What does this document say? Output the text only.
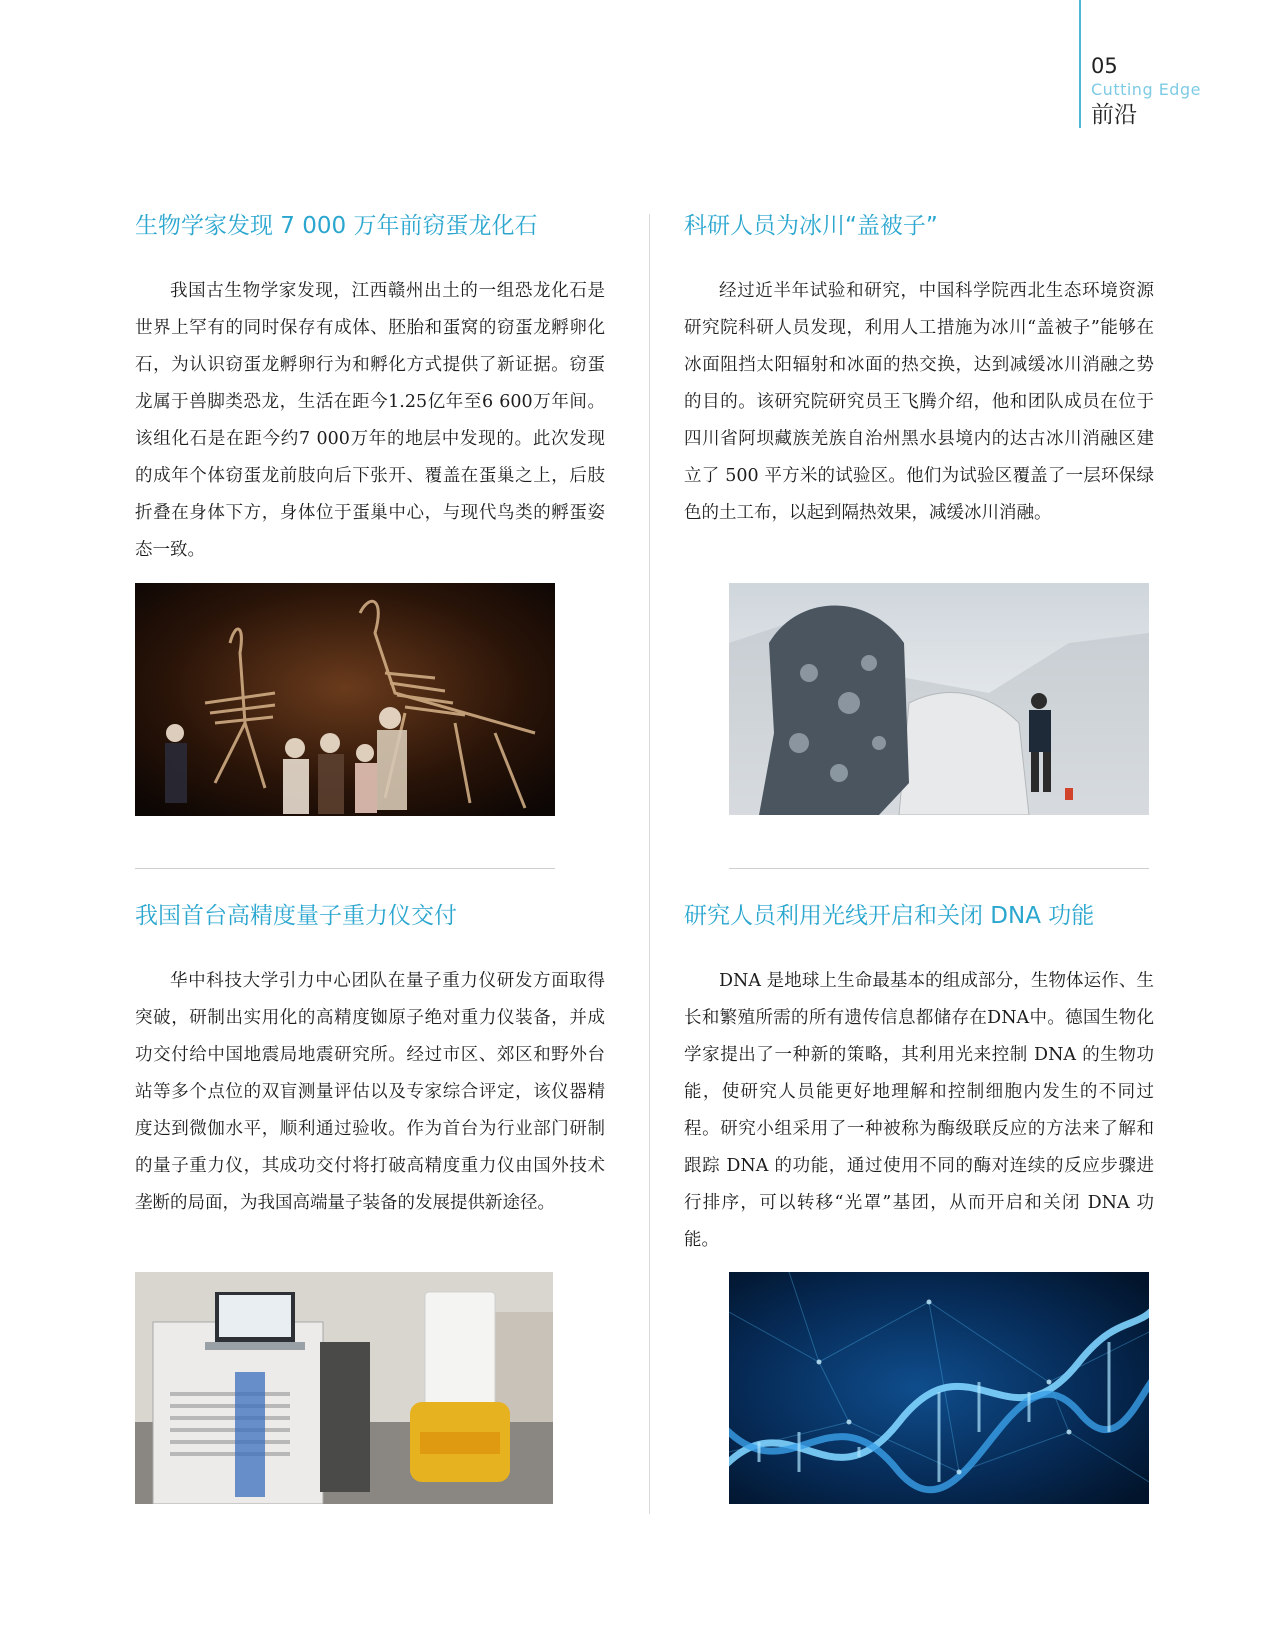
05
Cutting Edge
前沿
生物学家发现 7 000 万年前窃蛋龙化石

我国古生物学家发现，江西赣州出土的一组恐龙化石是世界上罕有的同时保存有成体、胚胎和蛋窝的窃蛋龙孵卵化石，为认识窃蛋龙孵卵行为和孵化方式提供了新证据。窃蛋龙属于兽脚类恐龙，生活在距今1.25亿年至6 600万年间。该组化石是在距今约7 000万年的地层中发现的。此次发现的成年个体窃蛋龙前肢向后下张开、覆盖在蛋巢之上，后肢折叠在身体下方，身体位于蛋巢中心，与现代鸟类的孵蛋姿态一致。

科研人员为冰川“盖被子”

经过近半年试验和研究，中国科学院西北生态环境资源研究院科研人员发现，利用人工措施为冰川“盖被子”能够在冰面阻挡太阳辐射和冰面的热交换，达到减缓冰川消融之势的目的。该研究院研究员王飞腾介绍，他和团队成员在位于四川省阿坝藏族羌族自治州黑水县境内的达古冰川消融区建立了 500 平方米的试验区。他们为试验区覆盖了一层环保绿色的土工布，以起到隔热效果，减缓冰川消融。

我国首台高精度量子重力仪交付

华中科技大学引力中心团队在量子重力仪研发方面取得突破，研制出实用化的高精度铷原子绝对重力仪装备，并成功交付给中国地震局地震研究所。经过市区、郊区和野外台站等多个点位的双盲测量评估以及专家综合评定，该仪器精度达到微伽水平，顺利通过验收。作为首台为行业部门研制的量子重力仪，其成功交付将打破高精度重力仪由国外技术垄断的局面，为我国高端量子装备的发展提供新途径。

研究人员利用光线开启和关闭 DNA 功能

DNA 是地球上生命最基本的组成部分，生物体运作、生长和繁殖所需的所有遗传信息都储存在DNA中。德国生物化学家提出了一种新的策略，其利用光来控制 DNA 的生物功能，使研究人员能更好地理解和控制细胞内发生的不同过程。研究小组采用了一种被称为酶级联反应的方法来了解和跟踪 DNA 的功能，通过使用不同的酶对连续的反应步骤进行排序，可以转移“光罩”基团，从而开启和关闭 DNA 功能。
